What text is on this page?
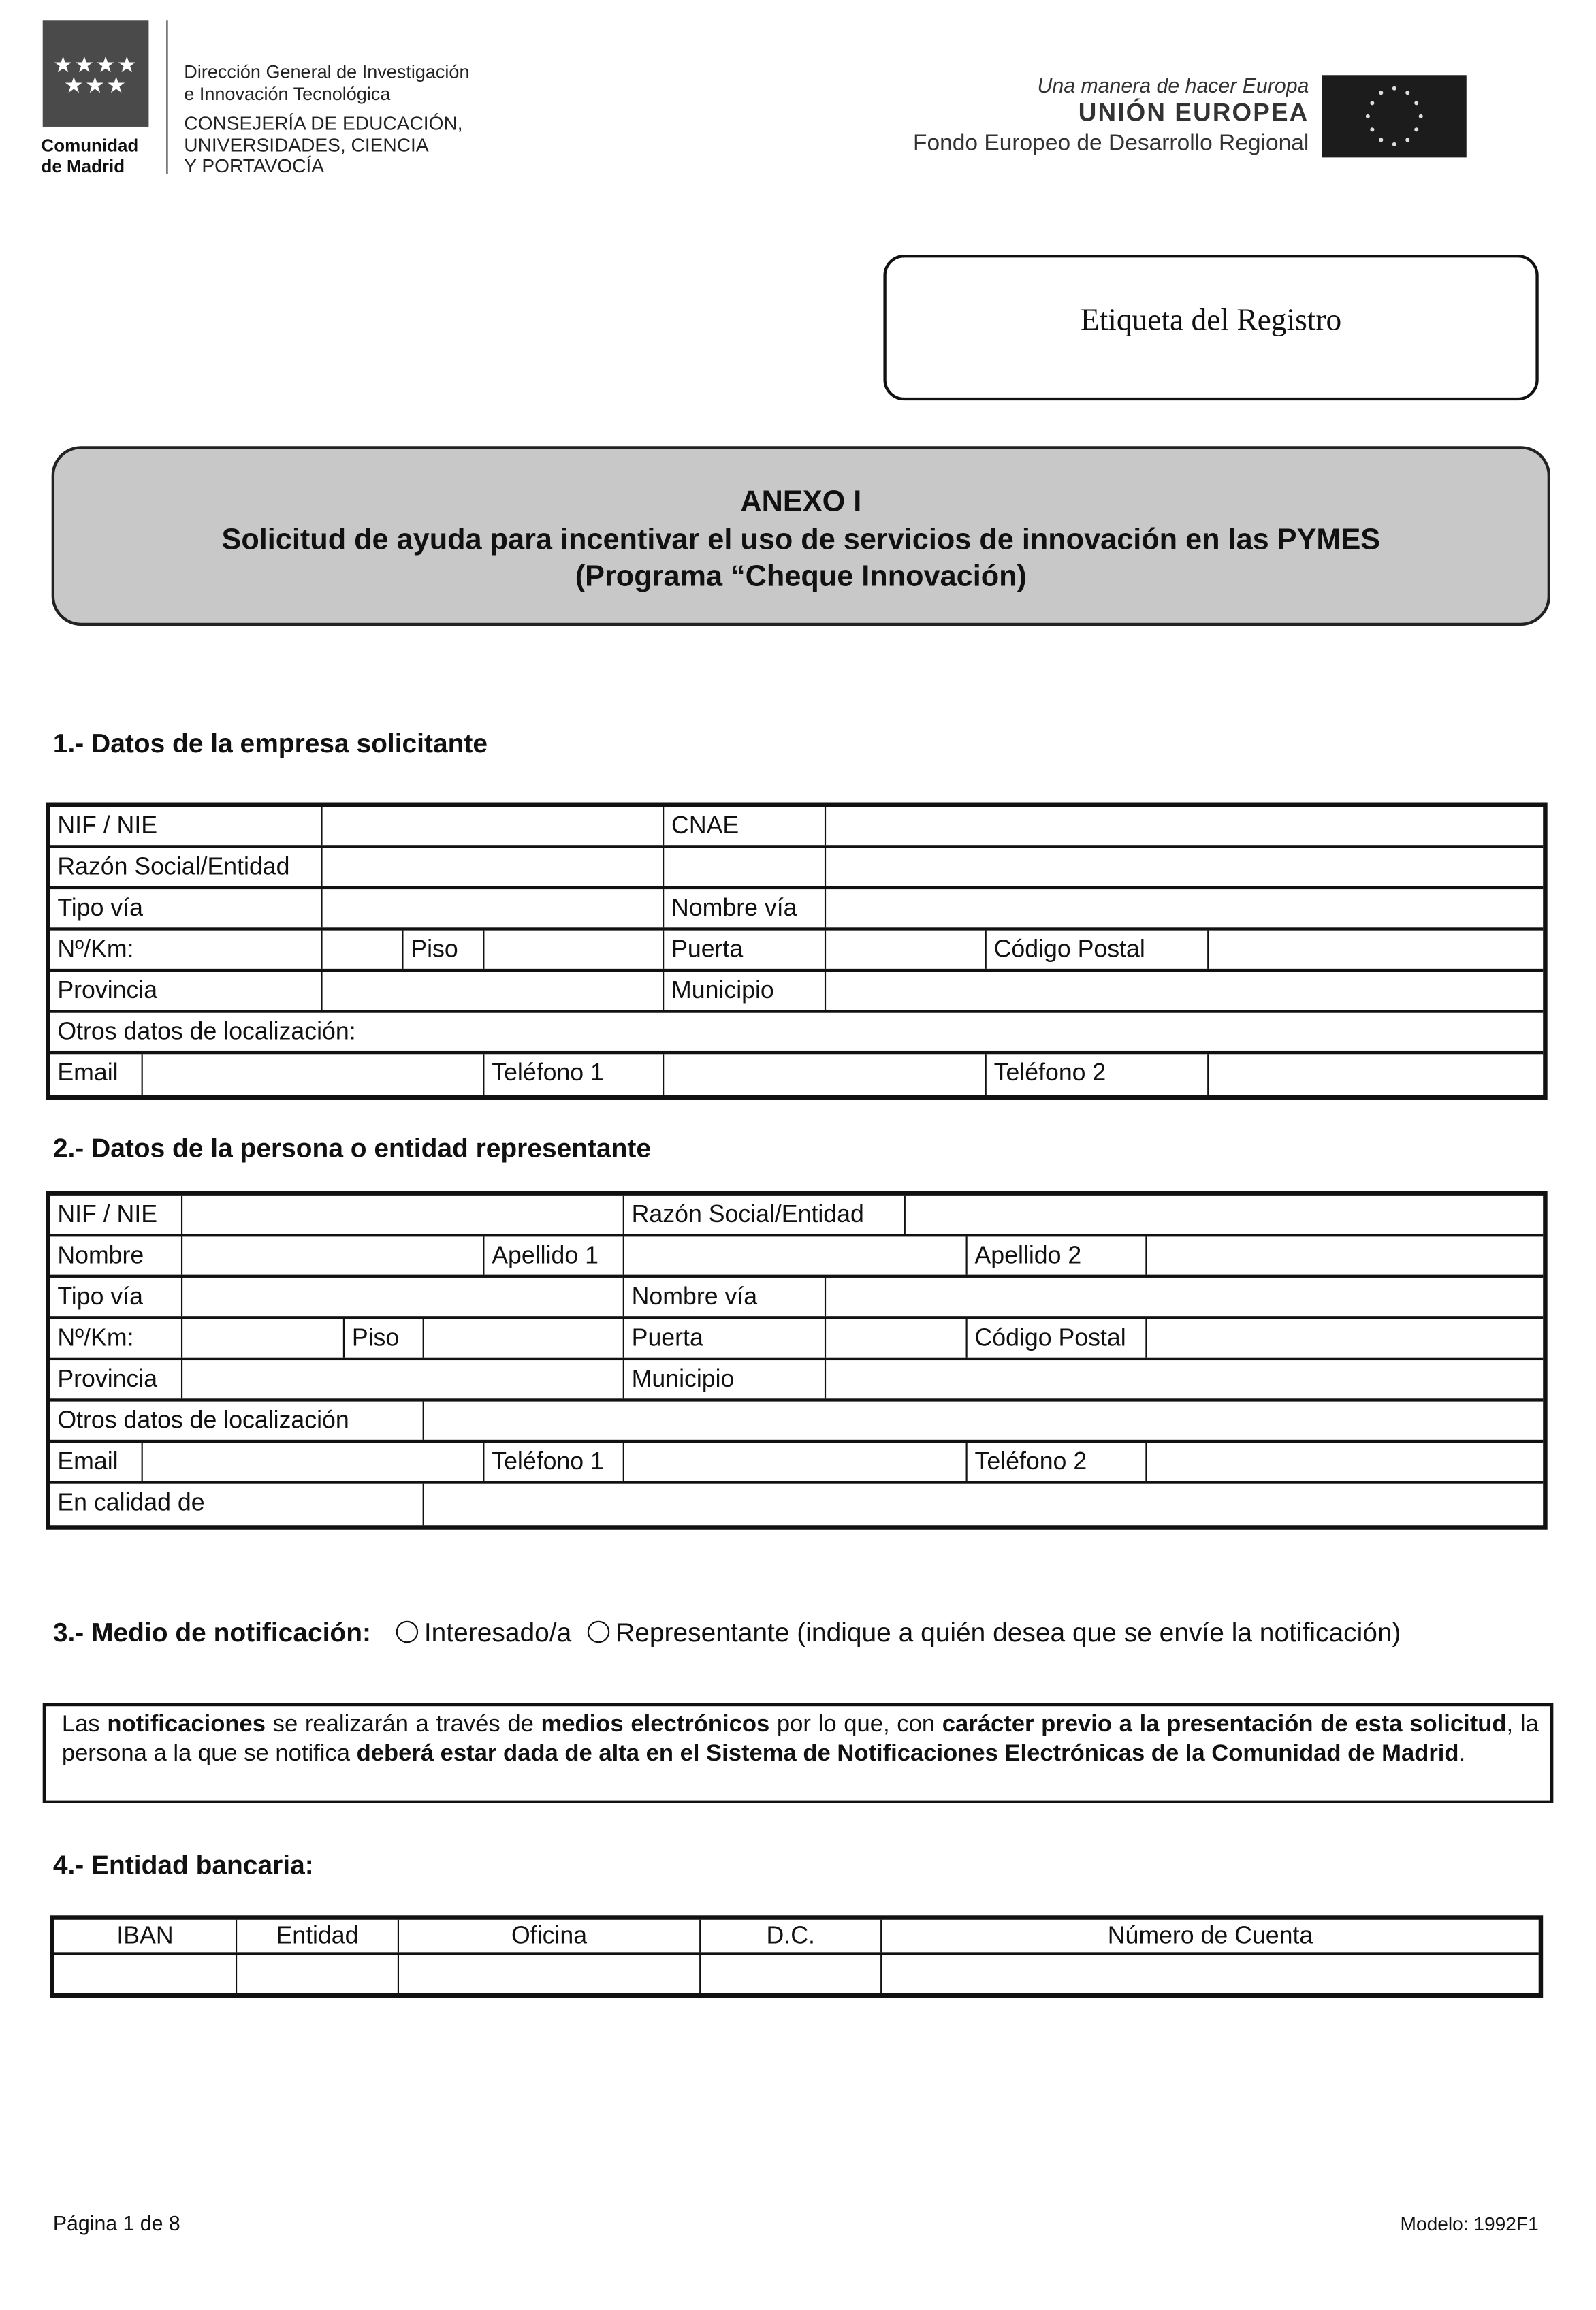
★★★★
★★★
Comunidad
de Madrid
Dirección General de Investigación
e Innovación Tecnológica
CONSEJERÍA DE EDUCACIÓN,
UNIVERSIDADES, CIENCIA
Y PORTAVOCÍA
Una manera de hacer Europa
UNIÓN EUROPEA
Fondo Europeo de Desarrollo Regional
Etiqueta del Registro
ANEXO I
Solicitud de ayuda para incentivar el uso de servicios de innovación en las PYMES
(Programa “Cheque Innovación)
1.- Datos de la empresa solicitante
NIF / NIE	CNAE
Razón Social/Entidad
Tipo vía	Nombre vía
Nº/Km:	Piso	Puerta	Código Postal
Provincia	Municipio
Otros datos de localización:
Email	Teléfono 1	Teléfono 2
2.- Datos de la persona o entidad representante
NIF / NIE	Razón Social/Entidad
Nombre	Apellido 1	Apellido 2
Tipo vía	Nombre vía
Nº/Km:	Piso	Puerta	Código Postal
Provincia	Municipio
Otros datos de localización
Email	Teléfono 1	Teléfono 2
En calidad de
3.- Medio de notificación:	Interesado/a	Representante (indique a quién desea que se envíe la notificación)
Las notificaciones se realizarán a través de medios electrónicos por lo que, con carácter previo a la presentación de esta solicitud, la persona a la que se notifica deberá estar dada de alta en el Sistema de Notificaciones Electrónicas de la Comunidad de Madrid.
4.- Entidad bancaria:
IBAN	Entidad	Oficina	D.C.	Número de Cuenta
Página 1 de 8	Modelo: 1992F1
